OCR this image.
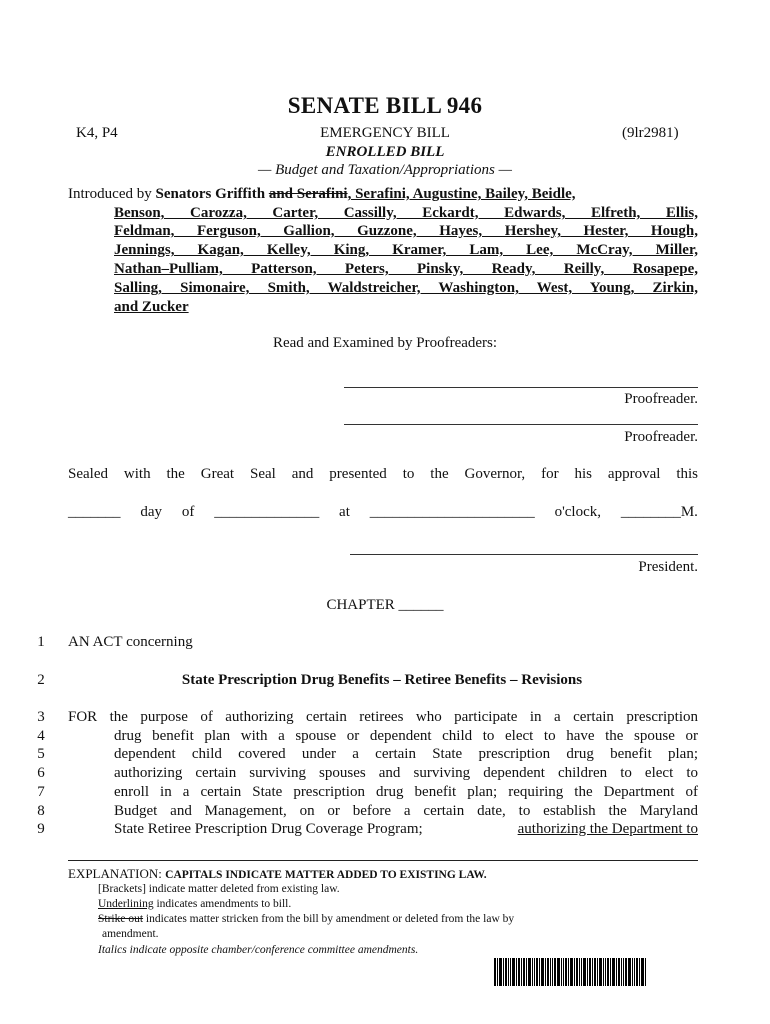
SENATE BILL 946
K4, P4	EMERGENCY BILL	(9lr2981)
ENROLLED BILL
— Budget and Taxation/Appropriations —
Introduced by Senators Griffith and Serafini, Serafini, Augustine, Bailey, Beidle,
Benson, Carozza, Carter, Cassilly, Eckardt, Edwards, Elfreth, Ellis,
Feldman, Ferguson, Gallion, Guzzone, Hayes, Hershey, Hester, Hough,
Jennings, Kagan, Kelley, King, Kramer, Lam, Lee, McCray, Miller,
Nathan–Pulliam, Patterson, Peters, Pinsky, Ready, Reilly, Rosapepe,
Salling, Simonaire, Smith, Waldstreicher, Washington, West, Young, Zirkin,
and Zucker
Read and Examined by Proofreaders:
Proofreader.
Proofreader.
Sealed with the Great Seal and presented to the Governor, for his approval this
_______ day of ______________ at ______________________ o'clock, ________M.
President.
CHAPTER ______
1	AN ACT concerning
2	State Prescription Drug Benefits – Retiree Benefits – Revisions
3	FOR the purpose of authorizing certain retirees who participate in a certain prescription
4	drug benefit plan with a spouse or dependent child to elect to have the spouse or
5	dependent child covered under a certain State prescription drug benefit plan;
6	authorizing certain surviving spouses and surviving dependent children to elect to
7	enroll in a certain State prescription drug benefit plan; requiring the Department of
8	Budget and Management, on or before a certain date, to establish the Maryland
9	State Retiree Prescription Drug Coverage Program;	authorizing the Department to
EXPLANATION: CAPITALS INDICATE MATTER ADDED TO EXISTING LAW.
[Brackets] indicate matter deleted from existing law.
Underlining indicates amendments to bill.
Strike out indicates matter stricken from the bill by amendment or deleted from the law by
amendment.
Italics indicate opposite chamber/conference committee amendments.
